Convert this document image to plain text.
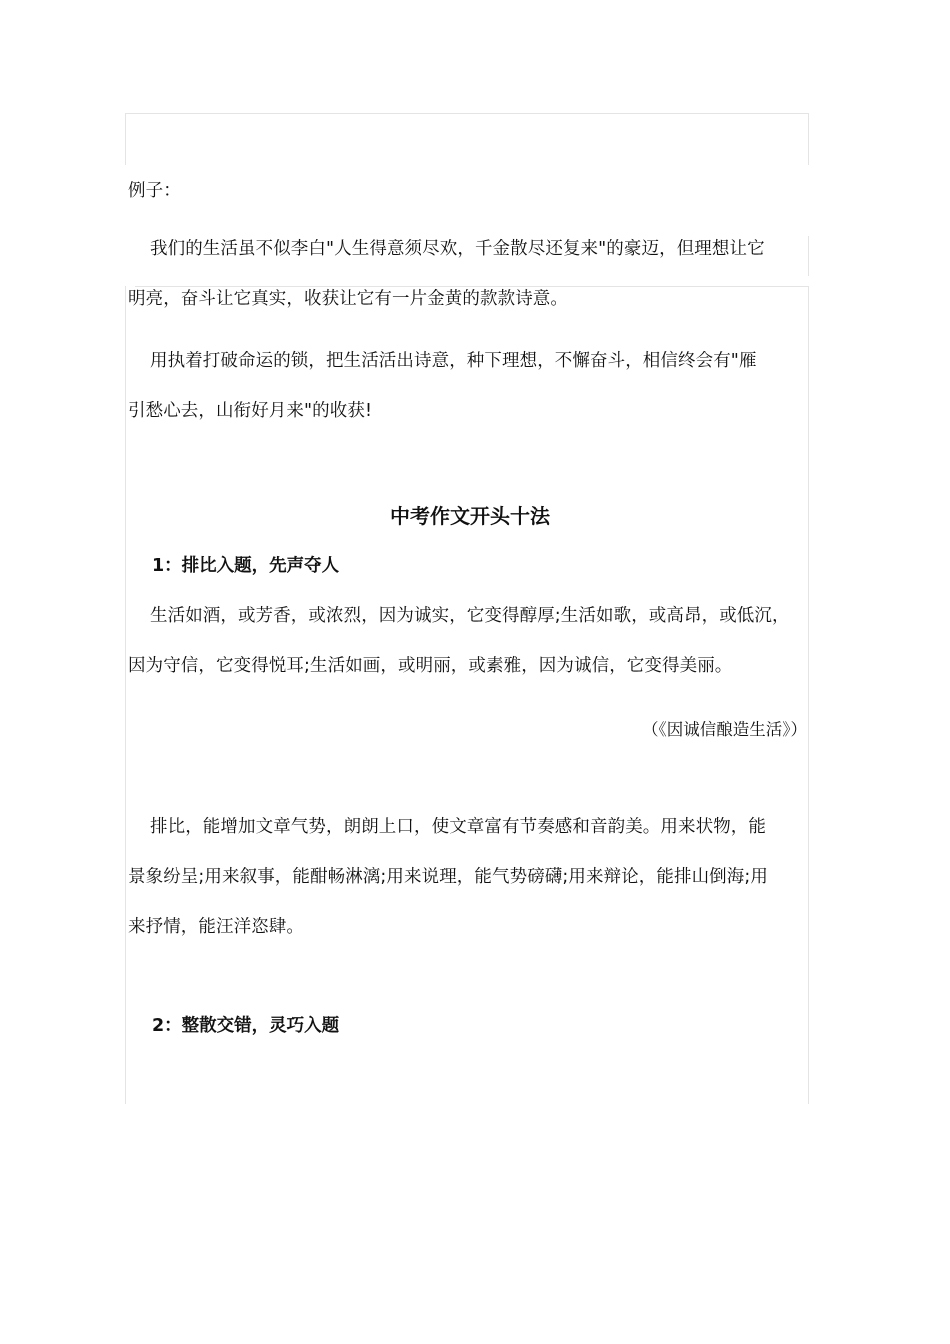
例子：
我们的生活虽不似李白"人生得意须尽欢，千金散尽还复来"的豪迈，但理想让它
明亮，奋斗让它真实，收获让它有一片金黄的款款诗意。
用执着打破命运的锁，把生活活出诗意，种下理想，不懈奋斗，相信终会有"雁
引愁心去，山衔好月来"的收获!
中考作文开头十法
1：排比入题，先声夺人
生活如酒，或芳香，或浓烈，因为诚实，它变得醇厚;生活如歌，或高昂，或低沉，
因为守信，它变得悦耳;生活如画，或明丽，或素雅，因为诚信，它变得美丽。
（《因诚信酿造生活》）
排比，能增加文章气势，朗朗上口，使文章富有节奏感和音韵美。用来状物，能
景象纷呈;用来叙事，能酣畅淋漓;用来说理，能气势磅礴;用来辩论，能排山倒海;用
来抒情，能汪洋恣肆。
2：整散交错，灵巧入题
